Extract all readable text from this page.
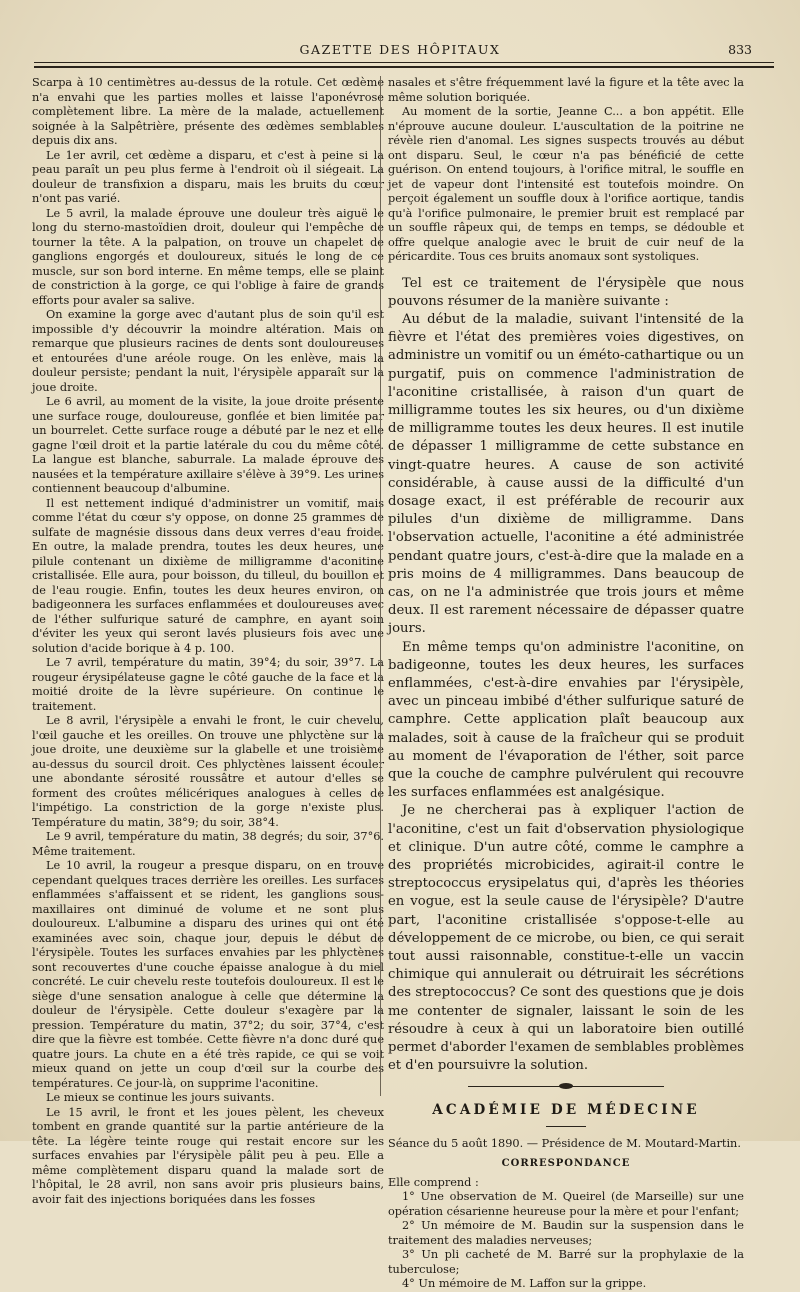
GAZETTE DES HÔPITAUX	833

Scarpa à 10 centimètres au-dessus de la rotule. Cet œdème n'a envahi que les parties molles et laisse l'aponévrose complètement libre. La mère de la malade, actuellement soignée à la Salpêtrière, présente des œdèmes semblables depuis dix ans.

Le 1er avril, cet œdème a disparu, et c'est à peine si la peau paraît un peu plus ferme à l'endroit où il siégeait. La douleur de transfixion a disparu, mais les bruits du cœur n'ont pas varié.

Le 5 avril, la malade éprouve une douleur très aiguë le long du sterno-mastoïdien droit, douleur qui l'empêche de tourner la tête. A la palpation, on trouve un chapelet de ganglions engorgés et douloureux, situés le long de ce muscle, sur son bord interne. En même temps, elle se plaint de constriction à la gorge, ce qui l'oblige à faire de grands efforts pour avaler sa salive.

On examine la gorge avec d'autant plus de soin qu'il est impossible d'y découvrir la moindre altération. Mais on remarque que plusieurs racines de dents sont douloureuses et entourées d'une aréole rouge. On les enlève, mais la douleur persiste; pendant la nuit, l'érysipèle apparaît sur la joue droite.

Le 6 avril, au moment de la visite, la joue droite présente une surface rouge, douloureuse, gonflée et bien limitée par un bourrelet. Cette surface rouge a débuté par le nez et elle gagne l'œil droit et la partie latérale du cou du même côté. La langue est blanche, saburrale. La malade éprouve des nausées et la température axillaire s'élève à 39°9. Les urines contiennent beaucoup d'albumine.

Il est nettement indiqué d'administrer un vomitif, mais comme l'état du cœur s'y oppose, on donne 25 grammes de sulfate de magnésie dissous dans deux verres d'eau froide. En outre, la malade prendra, toutes les deux heures, une pilule contenant un dixième de milligramme d'aconitine cristallisée. Elle aura, pour boisson, du tilleul, du bouillon et de l'eau rougie. Enfin, toutes les deux heures environ, on badigeonnera les surfaces enflammées et douloureuses avec de l'éther sulfurique saturé de camphre, en ayant soin d'éviter les yeux qui seront lavés plusieurs fois avec une solution d'acide borique à 4 p. 100.

Le 7 avril, température du matin, 39°4; du soir, 39°7. La rougeur érysipélateuse gagne le côté gauche de la face et la moitié droite de la lèvre supérieure. On continue le traitement.

Le 8 avril, l'érysipèle a envahi le front, le cuir chevelu, l'œil gauche et les oreilles. On trouve une phlyctène sur la joue droite, une deuxième sur la glabelle et une troisième au-dessus du sourcil droit. Ces phlyctènes laissent écouler une abondante sérosité roussâtre et autour d'elles se forment des croûtes mélicériques analogues à celles de l'impétigo. La constriction de la gorge n'existe plus. Température du matin, 38°9; du soir, 38°4.

Le 9 avril, température du matin, 38 degrés; du soir, 37°6. Même traitement.

Le 10 avril, la rougeur a presque disparu, on en trouve cependant quelques traces derrière les oreilles. Les surfaces enflammées s'affaissent et se rident, les ganglions sous-maxillaires ont diminué de volume et ne sont plus douloureux. L'albumine a disparu des urines qui ont été examinées avec soin, chaque jour, depuis le début de l'érysipèle. Toutes les surfaces envahies par les phlyctènes sont recouvertes d'une couche épaisse analogue à du miel concrété. Le cuir chevelu reste toutefois douloureux. Il est le siège d'une sensation analogue à celle que détermine la douleur de l'érysipèle. Cette douleur s'exagère par la pression. Température du matin, 37°2; du soir, 37°4, c'est dire que la fièvre est tombée. Cette fièvre n'a donc duré que quatre jours. La chute en a été très rapide, ce qui se voit mieux quand on jette un coup d'œil sur la courbe des températures. Ce jour-là, on supprime l'aconitine.

Le mieux se continue les jours suivants.

Le 15 avril, le front et les joues pèlent, les cheveux tombent en grande quantité sur la partie antérieure de la tête. La légère teinte rouge qui restait encore sur les surfaces envahies par l'érysipèle pâlit peu à peu. Elle a même complètement disparu quand la malade sort de l'hôpital, le 28 avril, non sans avoir pris plusieurs bains, avoir fait des injections boriquées dans les fosses

nasales et s'être fréquemment lavé la figure et la tête avec la même solution boriquée.

Au moment de la sortie, Jeanne C... a bon appétit. Elle n'éprouve aucune douleur. L'auscultation de la poitrine ne révèle rien d'anomal. Les signes suspects trouvés au début ont disparu. Seul, le cœur n'a pas bénéficié de cette guérison. On entend toujours, à l'orifice mitral, le souffle en jet de vapeur dont l'intensité est toutefois moindre. On perçoit également un souffle doux à l'orifice aortique, tandis qu'à l'orifice pulmonaire, le premier bruit est remplacé par un souffle râpeux qui, de temps en temps, se dédouble et offre quelque analogie avec le bruit de cuir neuf de la péricardite. Tous ces bruits anomaux sont systoliques.

Tel est ce traitement de l'érysipèle que nous pouvons résumer de la manière suivante :

Au début de la maladie, suivant l'intensité de la fièvre et l'état des premières voies digestives, on administre un vomitif ou un éméto-cathartique ou un purgatif, puis on commence l'administration de l'aconitine cristallisée, à raison d'un quart de milligramme toutes les six heures, ou d'un dixième de milligramme toutes les deux heures. Il est inutile de dépasser 1 milligramme de cette substance en vingt-quatre heures. A cause de son activité considérable, à cause aussi de la difficulté d'un dosage exact, il est préférable de recourir aux pilules d'un dixième de milligramme. Dans l'observation actuelle, l'aconitine a été administrée pendant quatre jours, c'est-à-dire que la malade en a pris moins de 4 milligrammes. Dans beaucoup de cas, on ne l'a administrée que trois jours et même deux. Il est rarement nécessaire de dépasser quatre jours.

En même temps qu'on administre l'aconitine, on badigeonne, toutes les deux heures, les surfaces enflammées, c'est-à-dire envahies par l'érysipèle, avec un pinceau imbibé d'éther sulfurique saturé de camphre. Cette application plaît beaucoup aux malades, soit à cause de la fraîcheur qui se produit au moment de l'évaporation de l'éther, soit parce que la couche de camphre pulvérulent qui recouvre les surfaces enflammées est analgésique.

Je ne chercherai pas à expliquer l'action de l'aconitine, c'est un fait d'observation physiologique et clinique. D'un autre côté, comme le camphre a des propriétés microbicides, agirait-il contre le streptococcus erysipelatus qui, d'après les théories en vogue, est la seule cause de l'érysipèle? D'autre part, l'aconitine cristallisée s'oppose-t-elle au développement de ce microbe, ou bien, ce qui serait tout aussi raisonnable, constitue-t-elle un vaccin chimique qui annulerait ou détruirait les sécrétions des streptococcus? Ce sont des questions que je dois me contenter de signaler, laissant le soin de les résoudre à ceux à qui un laboratoire bien outillé permet d'aborder l'examen de semblables problèmes et d'en poursuivre la solution.

ACADÉMIE DE MÉDECINE

Séance du 5 août 1890. — Présidence de M. Moutard-Martin.

CORRESPONDANCE

Elle comprend :

1° Une observation de M. Queirel (de Marseille) sur une opération césarienne heureuse pour la mère et pour l'enfant;

2° Un mémoire de M. Baudin sur la suspension dans le traitement des maladies nerveuses;

3° Un pli cacheté de M. Barré sur la prophylaxie de la tuberculose;

4° Un mémoire de M. Laffon sur la grippe.
